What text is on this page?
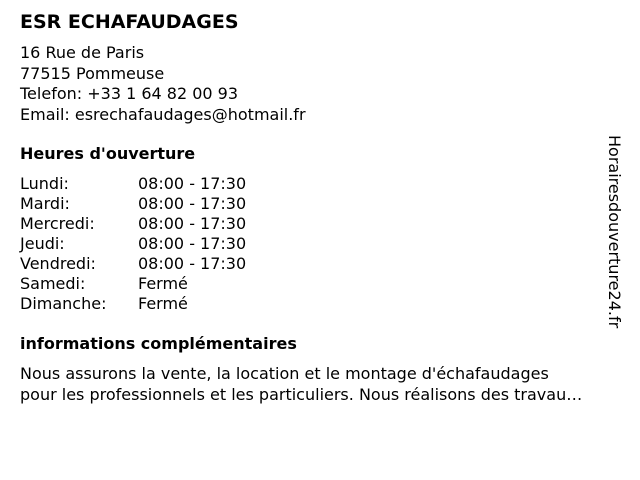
ESR ECHAFAUDAGES
16 Rue de Paris
77515 Pommeuse
Telefon: +33 1 64 82 00 93
Email: esrechafaudages@hotmail.fr
Heures d'ouverture
Lundi:	08:00 - 17:30
Mardi:	08:00 - 17:30
Mercredi:	08:00 - 17:30
Jeudi:	08:00 - 17:30
Vendredi:	08:00 - 17:30
Samedi:	Fermé
Dimanche:	Fermé
informations complémentaires
Nous assurons la vente, la location et le montage d'échafaudages
pour les professionnels et les particuliers. Nous réalisons des travau…
Horairesdouverture24.fr
